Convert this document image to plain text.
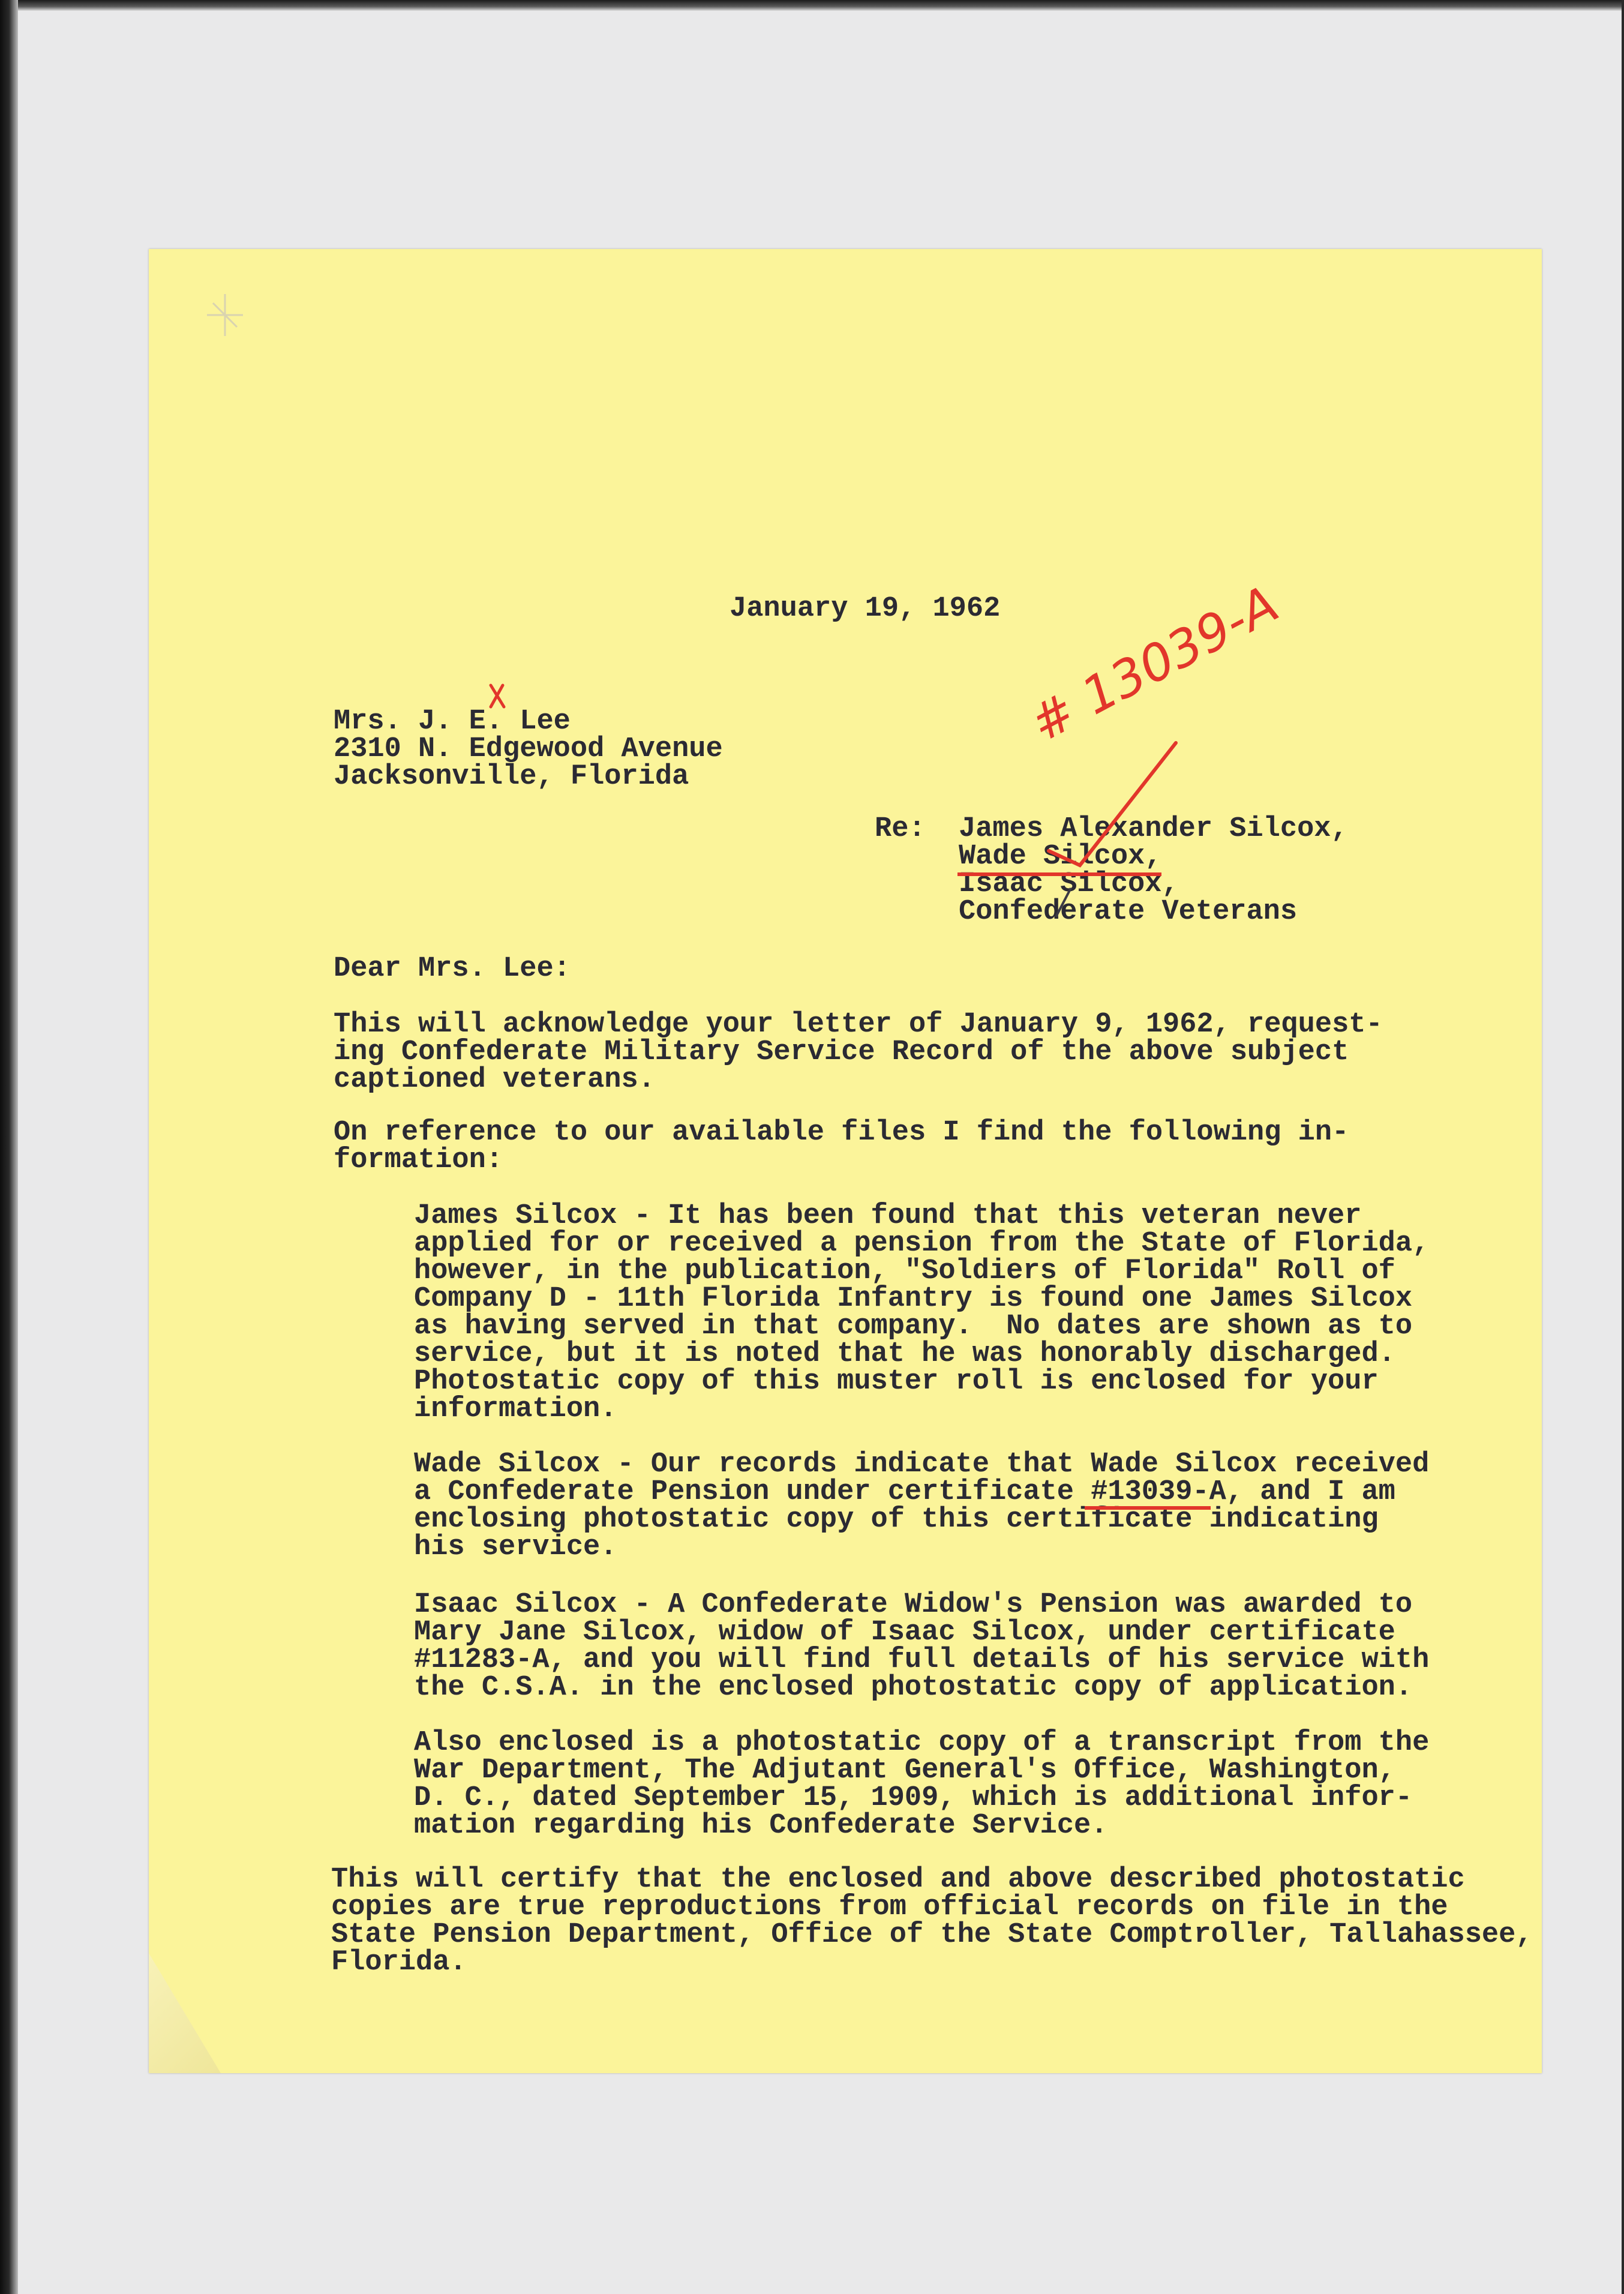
January 19, 1962

Mrs. J. E. Lee
2310 N. Edgewood Avenue
Jacksonville, Florida

Re: James Alexander Silcox,
Wade Silcox,
Isaac Silcox,
Confederate Veterans

Dear Mrs. Lee:

This will acknowledge your letter of January 9, 1962, request-
ing Confederate Military Service Record of the above subject
captioned veterans.

On reference to our available files I find the following in-
formation:

James Silcox - It has been found that this veteran never
applied for or received a pension from the State of Florida,
however, in the publication, "Soldiers of Florida" Roll of
Company D - 11th Florida Infantry is found one James Silcox
as having served in that company.  No dates are shown as to
service, but it is noted that he was honorably discharged.
Photostatic copy of this muster roll is enclosed for your
information.

Wade Silcox - Our records indicate that Wade Silcox received
a Confederate Pension under certificate #13039-A, and I am
enclosing photostatic copy of this certificate indicating
his service.

Isaac Silcox - A Confederate Widow's Pension was awarded to
Mary Jane Silcox, widow of Isaac Silcox, under certificate
#11283-A, and you will find full details of his service with
the C.S.A. in the enclosed photostatic copy of application.

Also enclosed is a photostatic copy of a transcript from the
War Department, The Adjutant General's Office, Washington,
D. C., dated September 15, 1909, which is additional infor-
mation regarding his Confederate Service.

This will certify that the enclosed and above described photostatic
copies are true reproductions from official records on file in the
State Pension Department, Office of the State Comptroller, Tallahassee,
Florida.

# 13039-A
